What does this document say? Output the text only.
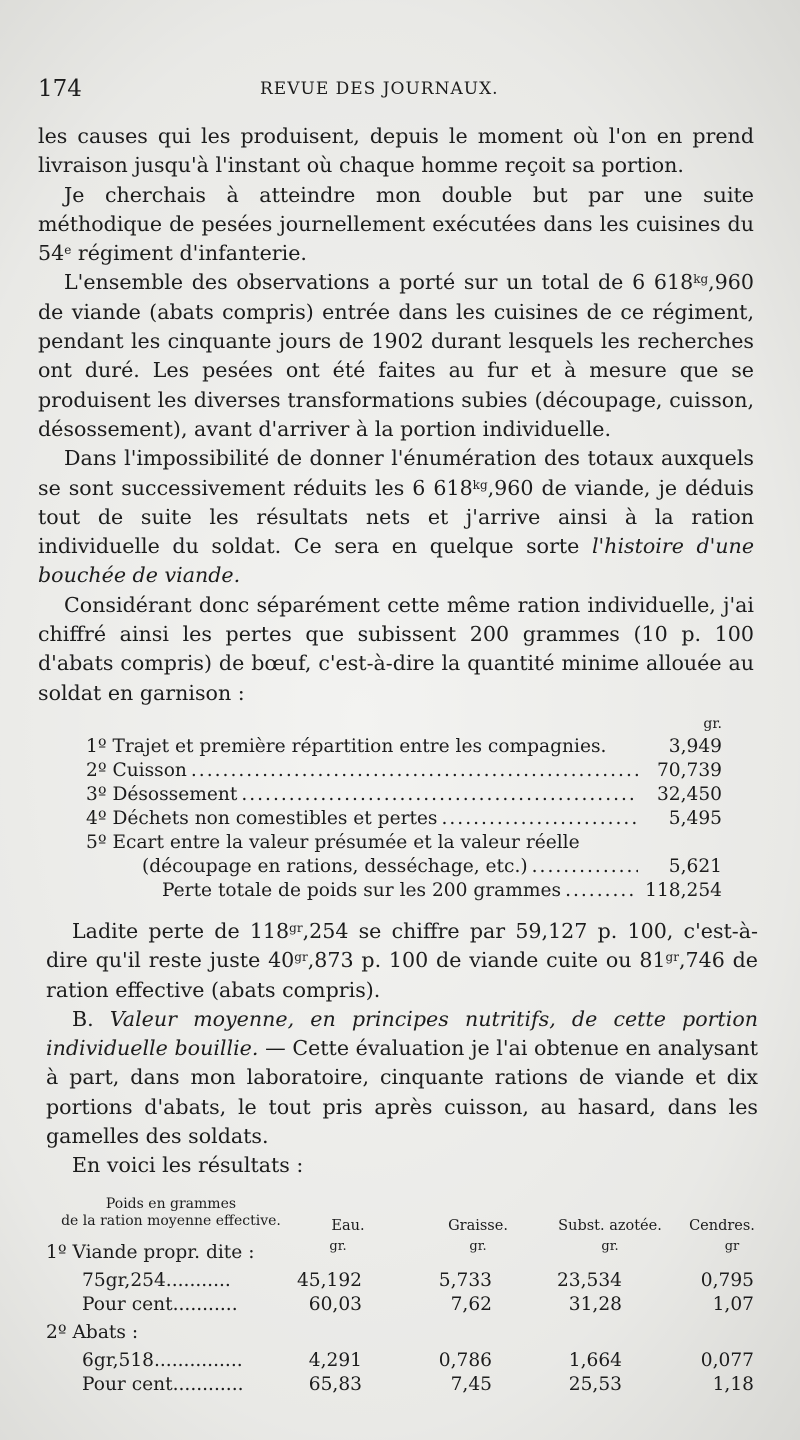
174	REVUE DES JOURNAUX.

les causes qui les produisent, depuis le moment où l'on en prend livraison jusqu'à l'instant où chaque homme reçoit sa portion.

Je cherchais à atteindre mon double but par une suite méthodique de pesées journellement exécutées dans les cuisines du 54e régiment d'infanterie.

L'ensemble des observations a porté sur un total de 6 $618^{kg},960$ de viande (abats compris) entrée dans les cuisines de ce régiment, pendant les cinquante jours de 1902 durant lesquels les recherches ont duré. Les pesées ont été faites au fur et à mesure que se produisent les diverses transformations subies (découpage, cuisson, désossement), avant d'arriver à la portion individuelle.

Dans l'impossibilité de donner l'énumération des totaux auxquels se sont successivement réduits les 6 $618^{kg},960$ de viande, je déduis tout de suite les résultats nets et j'arrive ainsi à la ration individuelle du soldat. Ce sera en quelque sorte l'histoire d'une bouchée de viande.

Considérant donc séparément cette même ration individuelle, j'ai chiffré ainsi les pertes que subissent 200 grammes (10 p. 100 d'abats compris) de bœuf, c'est-à-dire la quantité minime allouée au soldat en garnison :

gr.
1º Trajet et première répartition entre les compagnies.	3,949
2º Cuisson .....	70,739
3º Désossement .....	32,450
4º Déchets non comestibles et pertes .....	5,495
5º Ecart entre la valeur présumée et la valeur réelle
(découpage en rations, desséchage, etc.) .....	5,621
Perte totale de poids sur les 200 grammes .....	118,254

Ladite perte de $118^{gr},254$ se chiffre par 59,127 p. 100, c'est-à-dire qu'il reste juste $40^{gr},873$ p. 100 de viande cuite ou $81^{gr},746$ de ration effective (abats compris).

B. Valeur moyenne, en principes nutritifs, de cette portion individuelle bouillie. — Cette évaluation je l'ai obtenue en analysant à part, dans mon laboratoire, cinquante rations de viande et dix portions d'abats, le tout pris après cuisson, au hasard, dans les gamelles des soldats.

En voici les résultats :

Poids en grammes
de la ration moyenne effective.	Eau.	Graisse.	Subst. azotée.	Cendres.
gr.	gr.	gr.	gr
1º Viande propr. dite :
75gr,254...........	45,192	5,733	23,534	0,795
Pour cent...........	60,03	7,62	31,28	1,07
2º Abats :
6gr,518...............	4,291	0,786	1,664	0,077
Pour cent............	65,83	7,45	25,53	1,18
